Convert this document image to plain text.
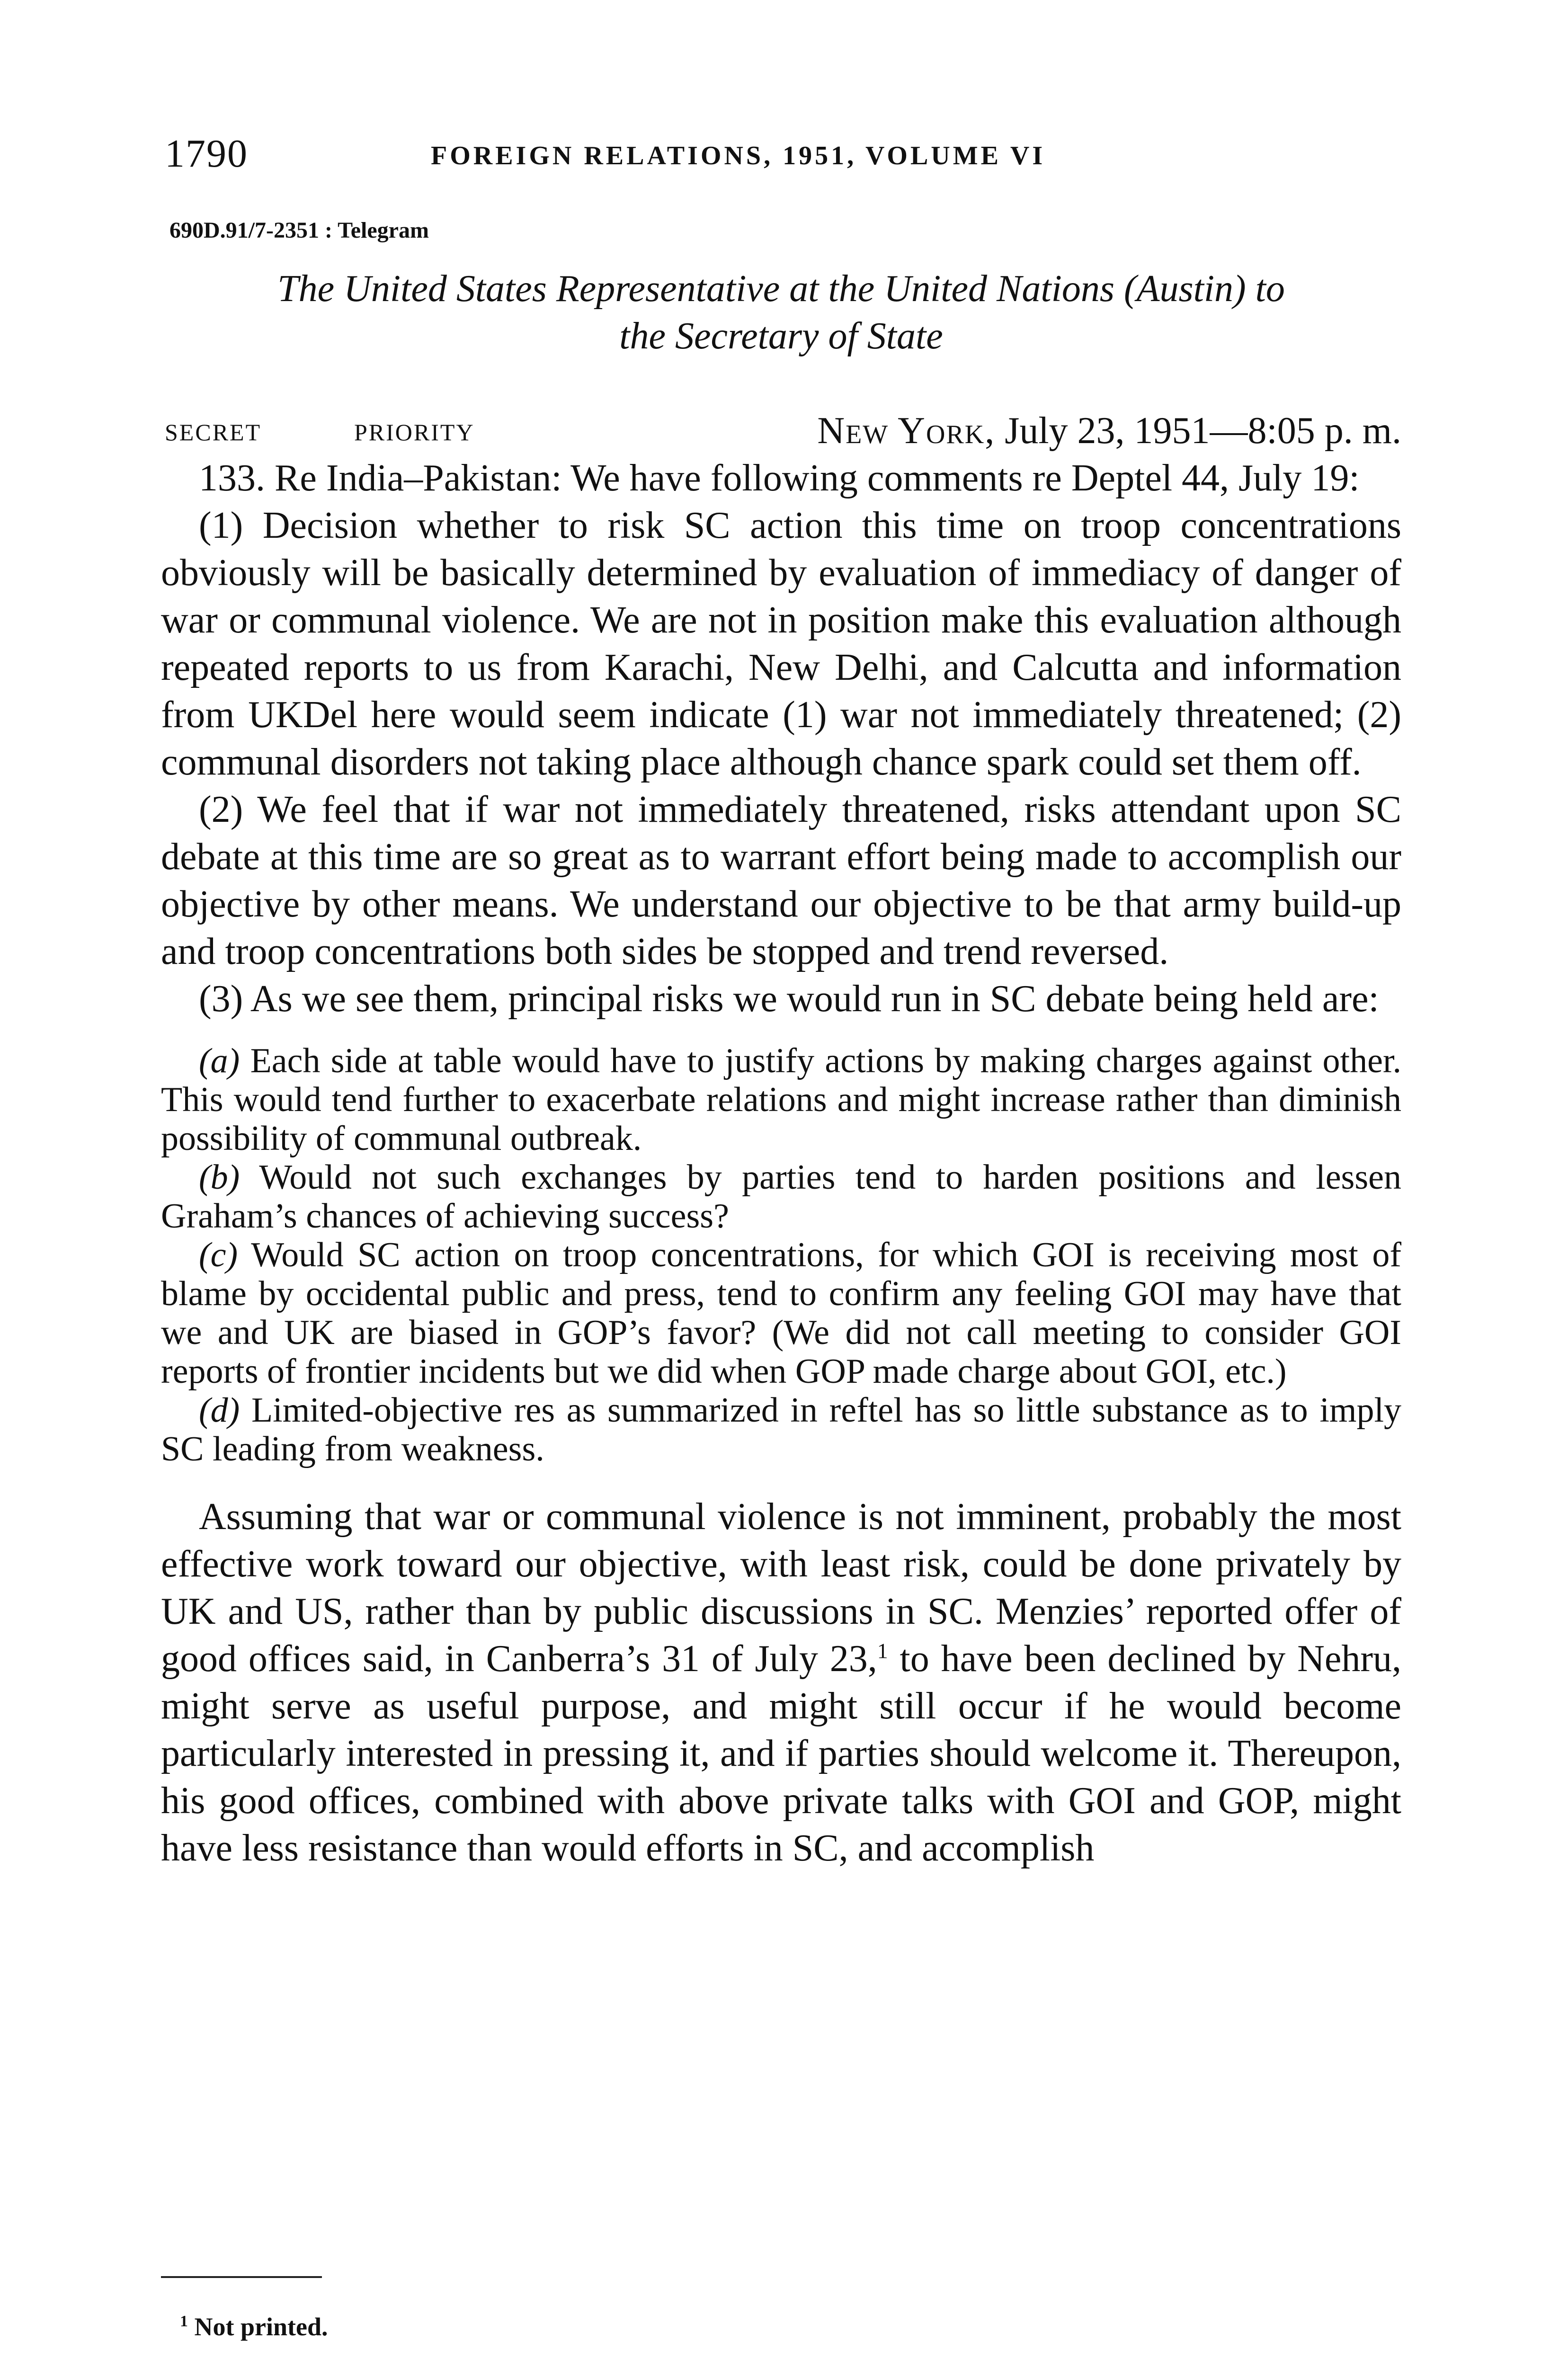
1790	FOREIGN RELATIONS, 1951, VOLUME VI
690D.91/7-2351 : Telegram
The United States Representative at the United Nations (Austin) to
the Secretary of State
SECRET	PRIORITY	New York, July 23, 1951—8:05 p. m.

133. Re India–Pakistan: We have following comments re Deptel 44, July 19:

(1) Decision whether to risk SC action this time on troop concentrations obviously will be basically determined by evaluation of immediacy of danger of war or communal violence. We are not in position make this evaluation although repeated reports to us from Karachi, New Delhi, and Calcutta and information from UKDel here would seem indicate (1) war not immediately threatened; (2) communal disorders not taking place although chance spark could set them off.

(2) We feel that if war not immediately threatened, risks attendant upon SC debate at this time are so great as to warrant effort being made to accomplish our objective by other means. We understand our objective to be that army build-up and troop concentrations both sides be stopped and trend reversed.

(3) As we see them, principal risks we would run in SC debate being held are:

(a) Each side at table would have to justify actions by making charges against other. This would tend further to exacerbate relations and might increase rather than diminish possibility of communal outbreak.

(b) Would not such exchanges by parties tend to harden positions and lessen Graham’s chances of achieving success?

(c) Would SC action on troop concentrations, for which GOI is receiving most of blame by occidental public and press, tend to confirm any feeling GOI may have that we and UK are biased in GOP’s favor? (We did not call meeting to consider GOI reports of frontier incidents but we did when GOP made charge about GOI, etc.)

(d) Limited-objective res as summarized in reftel has so little substance as to imply SC leading from weakness.

Assuming that war or communal violence is not imminent, probably the most effective work toward our objective, with least risk, could be done privately by UK and US, rather than by public discussions in SC. Menzies’ reported offer of good offices said, in Canberra’s 31 of July 23,$^1$ to have been declined by Nehru, might serve as useful purpose, and might still occur if he would become particularly interested in pressing it, and if parties should welcome it. Thereupon, his good offices, combined with above private talks with GOI and GOP, might have less resistance than would efforts in SC, and accomplish

$^1$ Not printed.
